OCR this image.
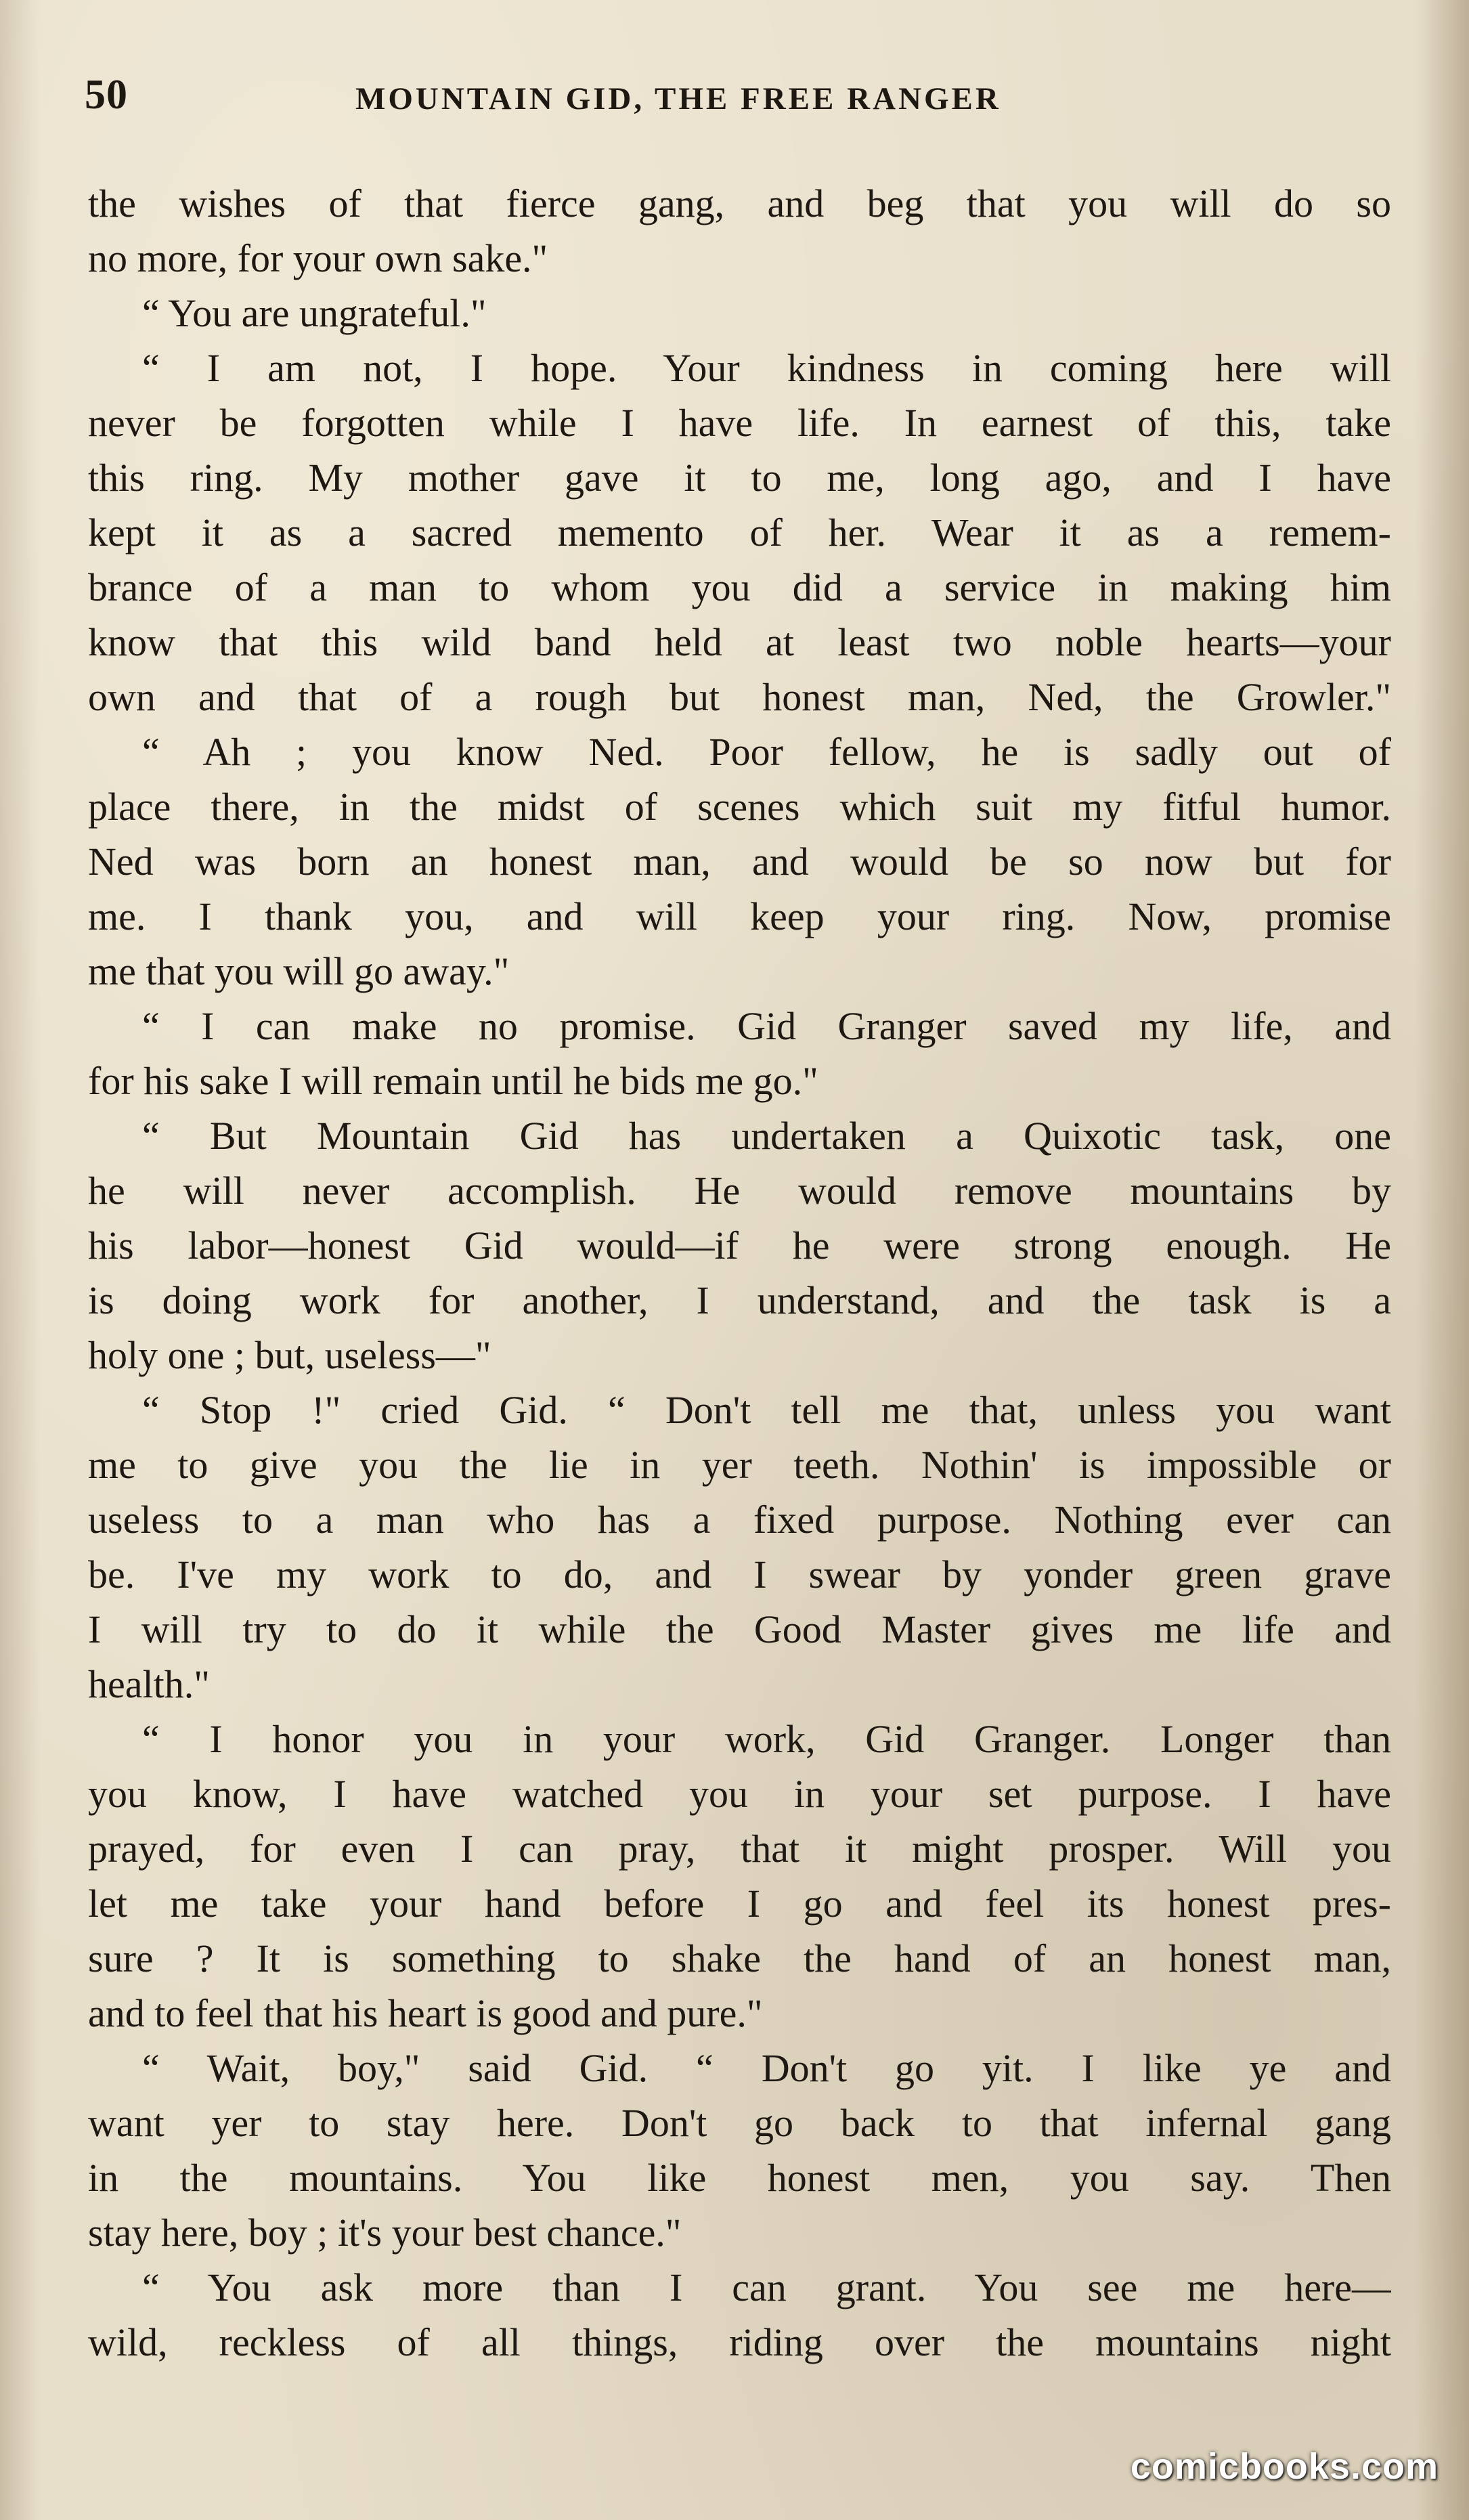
50	MOUNTAIN GID, THE FREE RANGER
the wishes of that fierce gang, and beg that you will do so
no more, for your own sake."
“ You are ungrateful."
“ I am not, I hope. Your kindness in coming here will
never be forgotten while I have life. In earnest of this, take
this ring. My mother gave it to me, long ago, and I have
kept it as a sacred memento of her. Wear it as a remem-
brance of a man to whom you did a service in making him
know that this wild band held at least two noble hearts—your
own and that of a rough but honest man, Ned, the Growler."
“ Ah ; you know Ned. Poor fellow, he is sadly out of
place there, in the midst of scenes which suit my fitful humor.
Ned was born an honest man, and would be so now but for
me. I thank you, and will keep your ring. Now, promise
me that you will go away."
“ I can make no promise. Gid Granger saved my life, and
for his sake I will remain until he bids me go."
“ But Mountain Gid has undertaken a Quixotic task, one
he will never accomplish. He would remove mountains by
his labor—honest Gid would—if he were strong enough. He
is doing work for another, I understand, and the task is a
holy one ; but, useless—"
“ Stop !" cried Gid. “ Don't tell me that, unless you want
me to give you the lie in yer teeth. Nothin' is impossible or
useless to a man who has a fixed purpose. Nothing ever can
be. I've my work to do, and I swear by yonder green grave
I will try to do it while the Good Master gives me life and
health."
“ I honor you in your work, Gid Granger. Longer than
you know, I have watched you in your set purpose. I have
prayed, for even I can pray, that it might prosper. Will you
let me take your hand before I go and feel its honest pres-
sure ? It is something to shake the hand of an honest man,
and to feel that his heart is good and pure."
“ Wait, boy," said Gid. “ Don't go yit. I like ye and
want yer to stay here. Don't go back to that infernal gang
in the mountains. You like honest men, you say. Then
stay here, boy ; it's your best chance."
“ You ask more than I can grant. You see me here—
wild, reckless of all things, riding over the mountains night
comicbooks.com
